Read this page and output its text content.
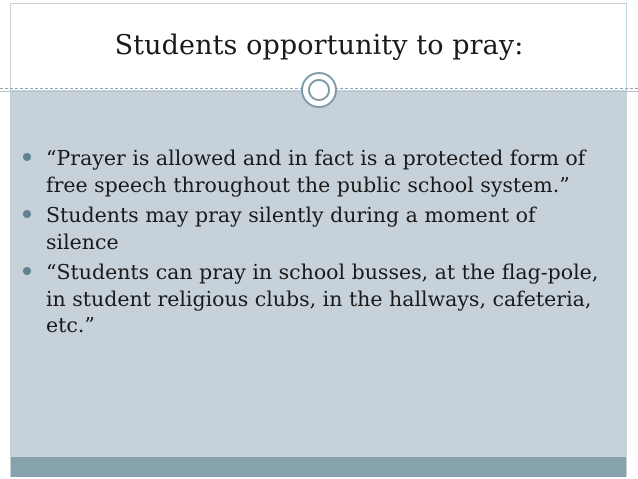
Students opportunity to pray:
“Prayer is allowed and in fact is a protected form of free speech throughout the public school system.”
Students may pray silently during a moment of silence
“Students can pray in school busses, at the flag-pole, in student religious clubs, in the hallways, cafeteria, etc.”
